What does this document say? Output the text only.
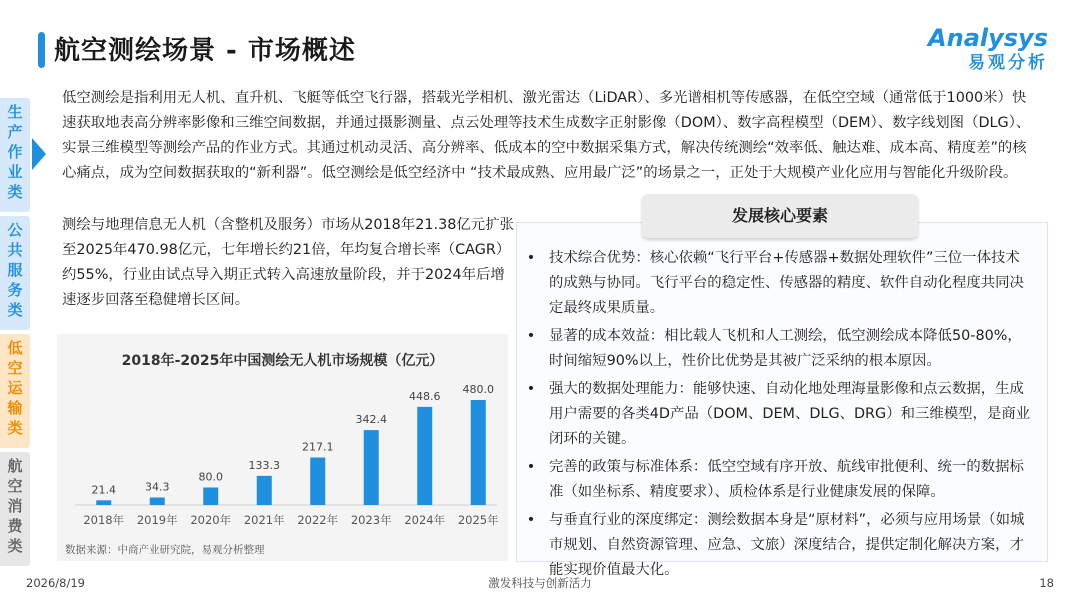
航空测绘场景 - 市场概述	Analysys
易观分析
生
产
作
业
类
公
共
服
务
类
低
空
运
输
类
航
空
消
费
类
低空测绘是指利用无人机、直升机、飞艇等低空飞行器，搭载光学相机、激光雷达（LiDAR）、多光谱相机等传感器，在低空空域（通常低于1000米）快速获取地表高分辨率影像和三维空间数据，并通过摄影测量、点云处理等技术生成数字正射影像（DOM）、数字高程模型（DEM）、数字线划图（DLG）、实景三维模型等测绘产品的作业方式。其通过机动灵活、高分辨率、低成本的空中数据采集方式，解决传统测绘“效率低、触达难、成本高、精度差”的核心痛点，成为空间数据获取的“新利器”。低空测绘是低空经济中 “技术最成熟、应用最广泛”的场景之一，正处于大规模产业化应用与智能化升级阶段。
测绘与地理信息无人机（含整机及服务）市场从2018年21.38亿元扩张至2025年470.98亿元，七年增长约21倍，年均复合增长率（CAGR）约55%，行业由试点导入期正式转入高速放量阶段，并于2024年后增速逐步回落至稳健增长区间。
2018年-2025年中国测绘无人机市场规模（亿元）
21.4
2018年
34.3
2019年
80.0
2020年
133.3
2021年
217.1
2022年
342.4
2023年
448.6
2024年
480.0
2025年
数据来源：中商产业研究院，易观分析整理
发展核心要素
• 技术综合优势：核心依赖“飞行平台+传感器+数据处理软件”三位一体技术的成熟与协同。飞行平台的稳定性、传感器的精度、软件自动化程度共同决定最终成果质量。
• 显著的成本效益：相比载人飞机和人工测绘，低空测绘成本降低50-80%，时间缩短90%以上，性价比优势是其被广泛采纳的根本原因。
• 强大的数据处理能力：能够快速、自动化地处理海量影像和点云数据，生成用户需要的各类4D产品（DOM、DEM、DLG、DRG）和三维模型，是商业闭环的关键。
• 完善的政策与标准体系：低空空域有序开放、航线审批便利、统一的数据标准（如坐标系、精度要求）、质检体系是行业健康发展的保障。
• 与垂直行业的深度绑定：测绘数据本身是“原材料”，必须与应用场景（如城市规划、自然资源管理、应急、文旅）深度结合，提供定制化解决方案，才能实现价值最大化。
2026/8/19	激发科技与创新活力	18
